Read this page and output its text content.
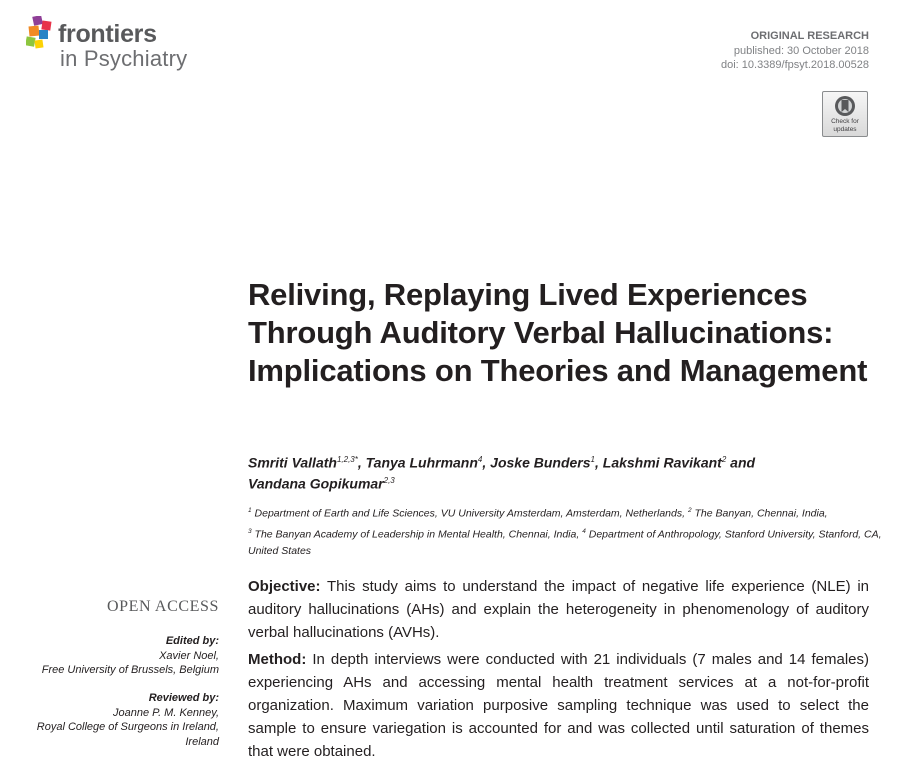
frontiers
in Psychiatry
ORIGINAL RESEARCH
published: 30 October 2018
doi: 10.3389/fpsyt.2018.00528
Check for
updates
Reliving, Replaying Lived Experiences Through Auditory Verbal Hallucinations: Implications on Theories and Management
Smriti Vallath$^{1,2,3*}$, Tanya Luhrmann$^4$, Joske Bunders$^1$, Lakshmi Ravikant$^2$ and
Vandana Gopikumar$^{2,3}$
$^1$ Department of Earth and Life Sciences, VU University Amsterdam, Amsterdam, Netherlands, $^2$ The Banyan, Chennai, India,
$^3$ The Banyan Academy of Leadership in Mental Health, Chennai, India, $^4$ Department of Anthropology, Stanford University, Stanford, CA, United States
OPEN ACCESS
Edited by:
Xavier Noel,
Free University of Brussels, Belgium
Reviewed by:
Joanne P. M. Kenney,
Royal College of Surgeons in Ireland,
Ireland

Objective: This study aims to understand the impact of negative life experience (NLE) in auditory hallucinations (AHs) and explain the heterogeneity in phenomenology of auditory verbal hallucinations (AVHs).

Method: In depth interviews were conducted with 21 individuals (7 males and 14 females) experiencing AHs and accessing mental health treatment services at a not-for-profit organization. Maximum variation purposive sampling technique was used to select the sample to ensure variegation is accounted for and was collected until saturation of themes that were obtained.
